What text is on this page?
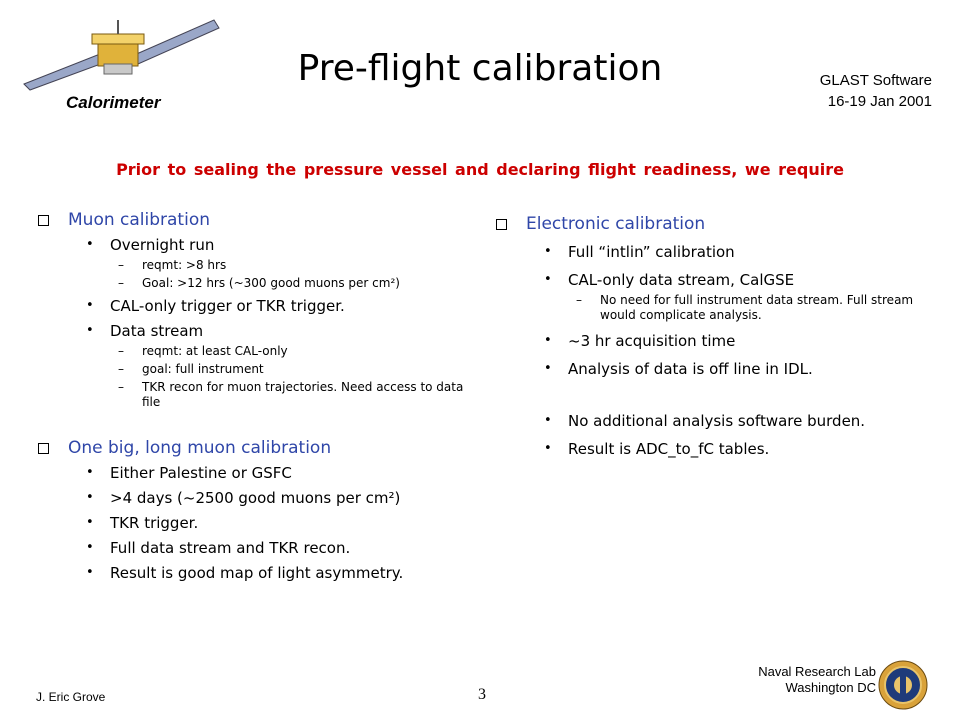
Calorimeter
Pre-flight calibration	GLAST Software
16-19 Jan 2001
Prior to sealing the pressure vessel and declaring flight readiness, we require
Muon calibration
•	Overnight run
–	reqmt: >8 hrs
–	Goal: >12 hrs (~300 good muons per cm²)
•	CAL-only trigger or TKR trigger.
•	Data stream
–	reqmt: at least CAL-only
–	goal: full instrument
–	TKR recon for muon trajectories. Need access to data file
One big, long muon calibration
•	Either Palestine or GSFC
•	>4 days (~2500 good muons per cm²)
•	TKR trigger.
•	Full data stream and TKR recon.
•	Result is good map of light asymmetry.
Electronic calibration
•	Full “intlin” calibration
•	CAL-only data stream, CalGSE
–	No need for full instrument data stream. Full stream would complicate analysis.
•	~3 hr acquisition time
•	Analysis of data is off line in IDL.
•	No additional analysis software burden.
•	Result is ADC_to_fC tables.
J. Eric Grove	3
Naval Research Lab
Washington DC
